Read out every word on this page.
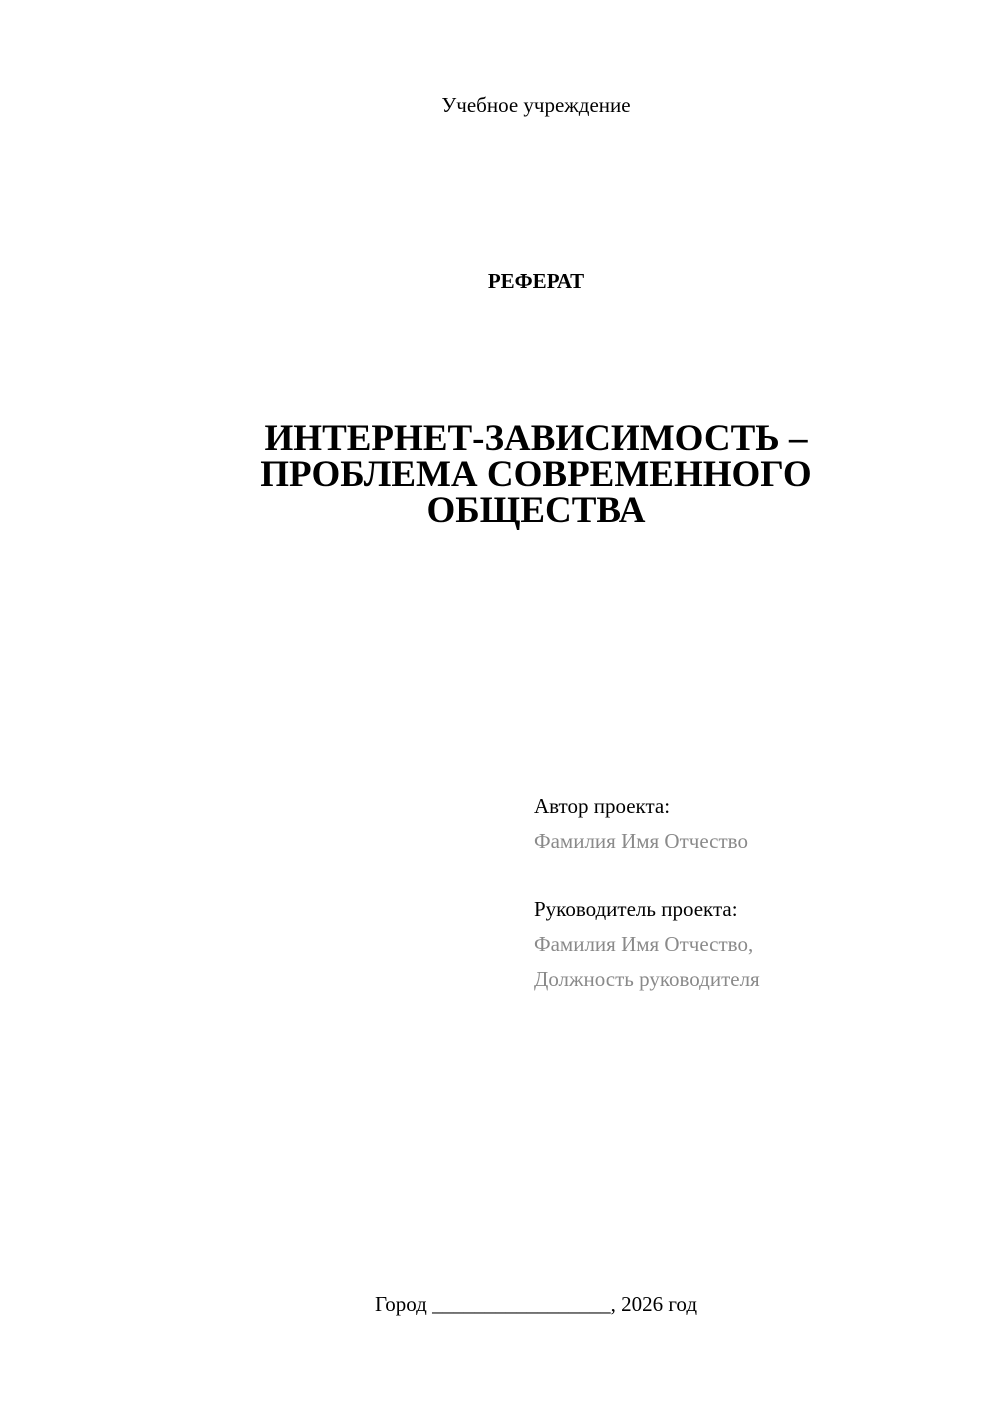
Учебное учреждение
РЕФЕРАТ
ИНТЕРНЕТ-ЗАВИСИМОСТЬ –
ПРОБЛЕМА СОВРЕМЕННОГО
ОБЩЕСТВА
Автор проекта:
Фамилия Имя Отчество
Руководитель проекта:
Фамилия Имя Отчество,
Должность руководителя
Город _________________, 2026 год
